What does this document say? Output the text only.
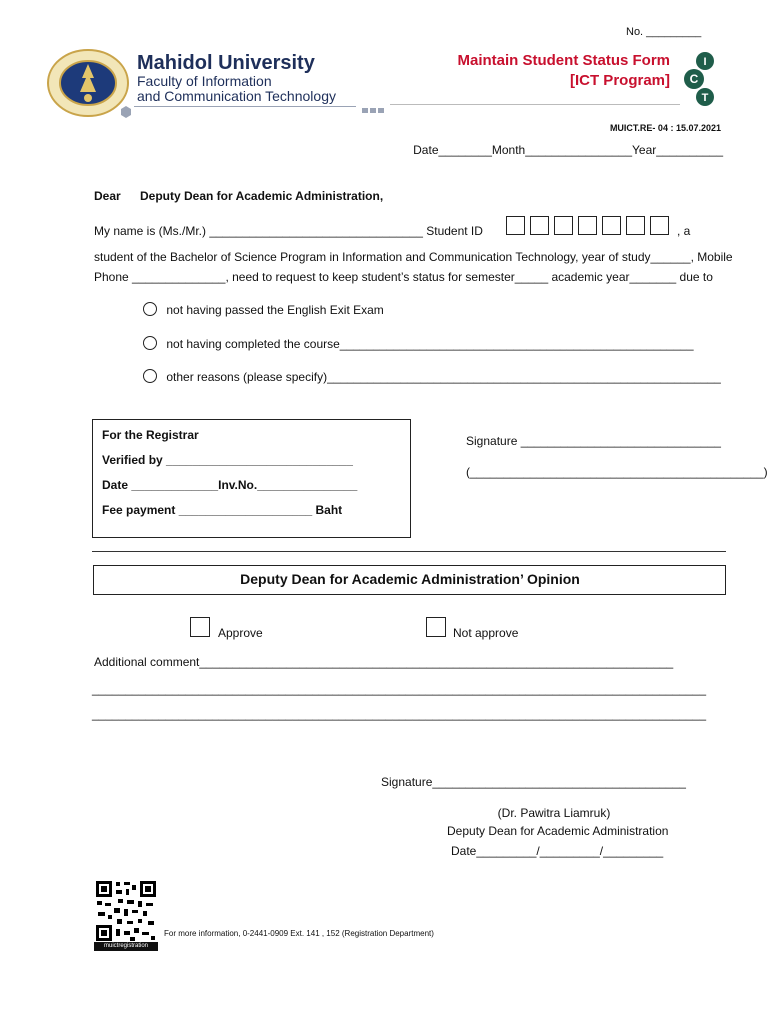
No. _________
Mahidol University
Faculty of Information
and Communication Technology
Maintain Student Status Form
[ICT Program]
I
C
T
MUICT.RE- 04 : 15.07.2021
Date________Month________________Year__________
Dear Deputy Dean for Academic Administration,
My name is (Ms./Mr.) ________________________________ Student ID	, a
student of the Bachelor of Science Program in Information and Communication Technology, year of study______, Mobile
Phone ______________, need to request to keep student’s status for semester_____ academic year_______ due to
not having passed the English Exit Exam
not having completed the course_____________________________________________________
other reasons (please specify)___________________________________________________________
For the Registrar
Verified by ____________________________
Date _____________Inv.No._______________
Fee payment ____________________ Baht
Signature ______________________________
(____________________________________________)
Deputy Dean for Academic Administration’ Opinion
Approve	Not approve
Additional comment_______________________________________________________________________
____________________________________________________________________________________________
____________________________________________________________________________________________
Signature______________________________________
(Dr. Pawitra Liamruk)
Deputy Dean for Academic Administration
Date_________/_________/_________
muictregistration
For more information, 0-2441-0909 Ext. 141 , 152 (Registration Department)
